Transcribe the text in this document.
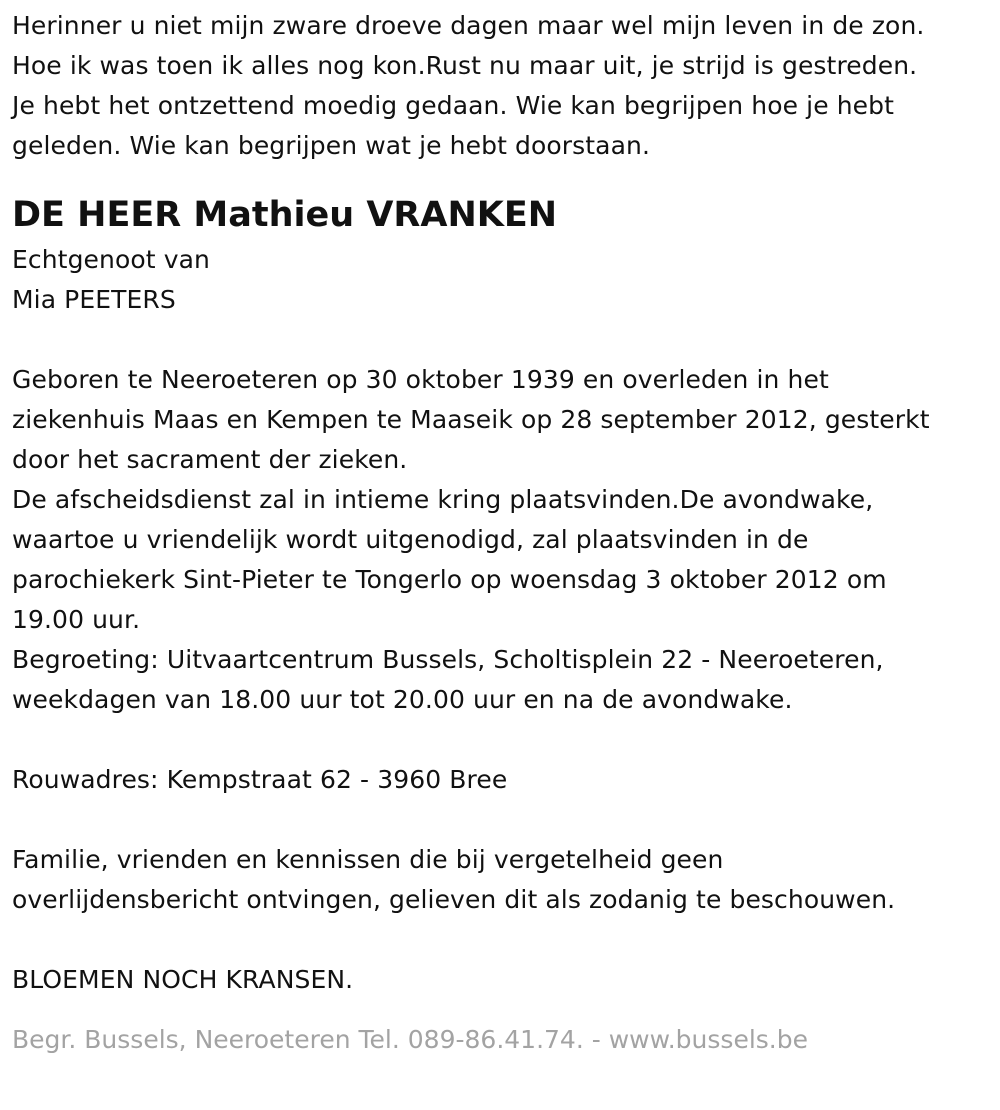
Herinner u niet mijn zware droeve dagen maar wel mijn leven in de zon.
Hoe ik was toen ik alles nog kon.Rust nu maar uit, je strijd is gestreden.
Je hebt het ontzettend moedig gedaan. Wie kan begrijpen hoe je hebt
geleden. Wie kan begrijpen wat je hebt doorstaan.
DE HEER Mathieu VRANKEN
Echtgenoot van
Mia PEETERS
Geboren te Neeroeteren op 30 oktober 1939 en overleden in het
ziekenhuis Maas en Kempen te Maaseik op 28 september 2012, gesterkt
door het sacrament der zieken.
De afscheidsdienst zal in intieme kring plaatsvinden.De avondwake,
waartoe u vriendelijk wordt uitgenodigd, zal plaatsvinden in de
parochiekerk Sint-Pieter te Tongerlo op woensdag 3 oktober 2012 om
19.00 uur.
Begroeting: Uitvaartcentrum Bussels, Scholtisplein 22 - Neeroeteren,
weekdagen van 18.00 uur tot 20.00 uur en na de avondwake.
Rouwadres: Kempstraat 62 - 3960 Bree
Familie, vrienden en kennissen die bij vergetelheid geen
overlijdensbericht ontvingen, gelieven dit als zodanig te beschouwen.
BLOEMEN NOCH KRANSEN.
Begr. Bussels, Neeroeteren Tel. 089-86.41.74. - www.bussels.be
